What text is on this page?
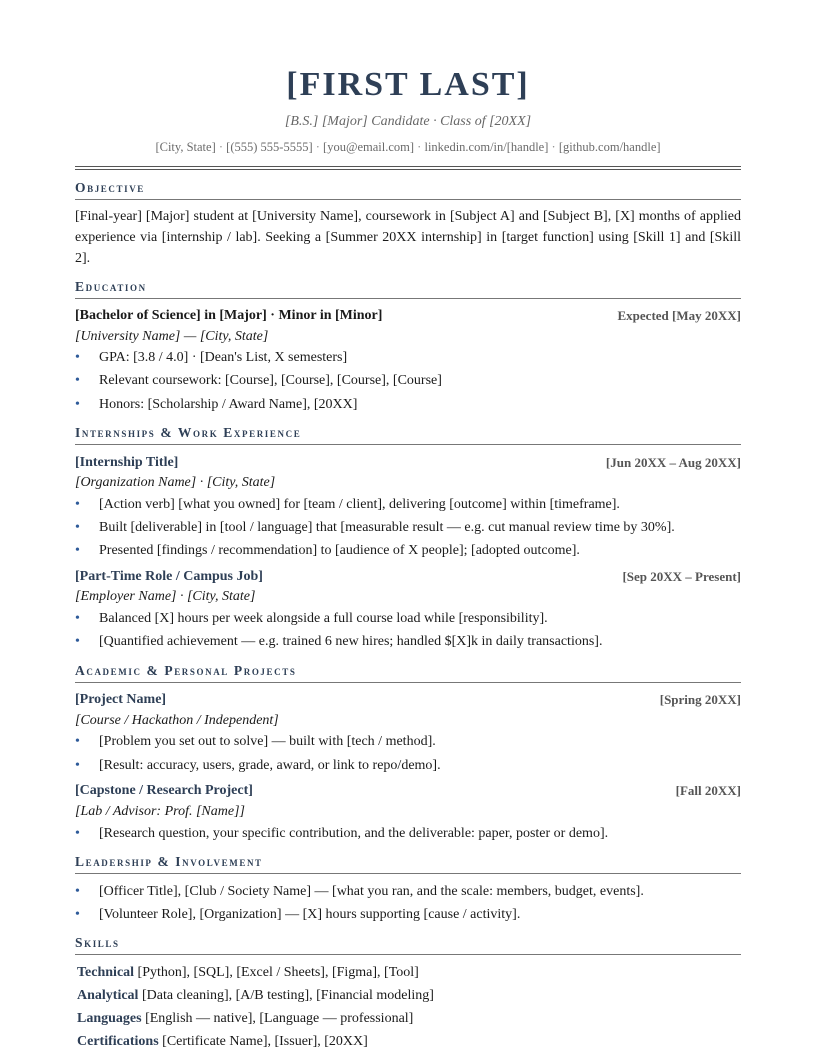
[FIRST LAST]
[B.S.] [Major] Candidate · Class of [20XX]
[City, State] · [(555) 555-5555] · [you@email.com] · linkedin.com/in/[handle] · [github.com/handle]
Objective
[Final-year] [Major] student at [University Name], coursework in [Subject A] and [Subject B], [X] months of applied experience via [internship / lab]. Seeking a [Summer 20XX internship] in [target function] using [Skill 1] and [Skill 2].
Education
[Bachelor of Science] in [Major] · Minor in [Minor]	Expected [May 20XX]
[University Name] — [City, State]
• GPA: [3.8 / 4.0] · [Dean's List, X semesters]
• Relevant coursework: [Course], [Course], [Course], [Course]
• Honors: [Scholarship / Award Name], [20XX]
Internships & Work Experience
[Internship Title]	[Jun 20XX – Aug 20XX]
[Organization Name] · [City, State]
• [Action verb] [what you owned] for [team / client], delivering [outcome] within [timeframe].
• Built [deliverable] in [tool / language] that [measurable result — e.g. cut manual review time by 30%].
• Presented [findings / recommendation] to [audience of X people]; [adopted outcome].
[Part-Time Role / Campus Job]	[Sep 20XX – Present]
[Employer Name] · [City, State]
• Balanced [X] hours per week alongside a full course load while [responsibility].
• [Quantified achievement — e.g. trained 6 new hires; handled $[X]k in daily transactions].
Academic & Personal Projects
[Project Name]	[Spring 20XX]
[Course / Hackathon / Independent]
• [Problem you set out to solve] — built with [tech / method].
• [Result: accuracy, users, grade, award, or link to repo/demo].
[Capstone / Research Project]	[Fall 20XX]
[Lab / Advisor: Prof. [Name]]
• [Research question, your specific contribution, and the deliverable: paper, poster or demo].
Leadership & Involvement
• [Officer Title], [Club / Society Name] — [what you ran, and the scale: members, budget, events].
• [Volunteer Role], [Organization] — [X] hours supporting [cause / activity].
Skills
Technical [Python], [SQL], [Excel / Sheets], [Figma], [Tool]
Analytical [Data cleaning], [A/B testing], [Financial modeling]
Languages [English — native], [Language — professional]
Certifications [Certificate Name], [Issuer], [20XX]
